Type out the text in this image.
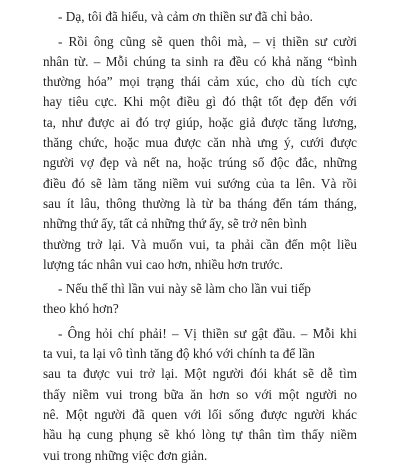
- Dạ, tôi đã hiểu, và cảm ơn thiền sư đã chỉ bảo.
- Rồi ông cũng sẽ quen thôi mà, – vị thiền sư cười
nhân từ. – Mỗi chúng ta sinh ra đều có khả năng “bình
thường hóa” mọi trạng thái cảm xúc, cho dù tích cực
hay tiêu cực. Khi một điều gì đó thật tốt đẹp đến với
ta, như được ai đó trợ giúp, hoặc giả được tăng lương,
thăng chức, hoặc mua được căn nhà ưng ý, cưới được
người vợ đẹp và nết na, hoặc trúng số độc đắc, những
điều đó sẽ làm tăng niềm vui sướng của ta lên. Và rồi
sau ít lâu, thông thường là từ ba tháng đến tám tháng,
những thứ ấy, tất cả những thứ ấy, sẽ trở nên bình
thường trở lại. Và muốn vui, ta phải cần đến một liều
lượng tác nhân vui cao hơn, nhiều hơn trước.
- Nếu thế thì lần vui này sẽ làm cho lần vui tiếp
theo khó hơn?
- Ông hỏi chí phải! – Vị thiền sư gật đầu. – Mỗi khi
ta vui, ta lại vô tình tăng độ khó với chính ta để lần
sau ta được vui trở lại. Một người đói khát sẽ dễ tìm
thấy niềm vui trong bữa ăn hơn so với một người no
nê. Một người đã quen với lối sống được người khác
hầu hạ cung phụng sẽ khó lòng tự thân tìm thấy niềm
vui trong những việc đơn giản.
